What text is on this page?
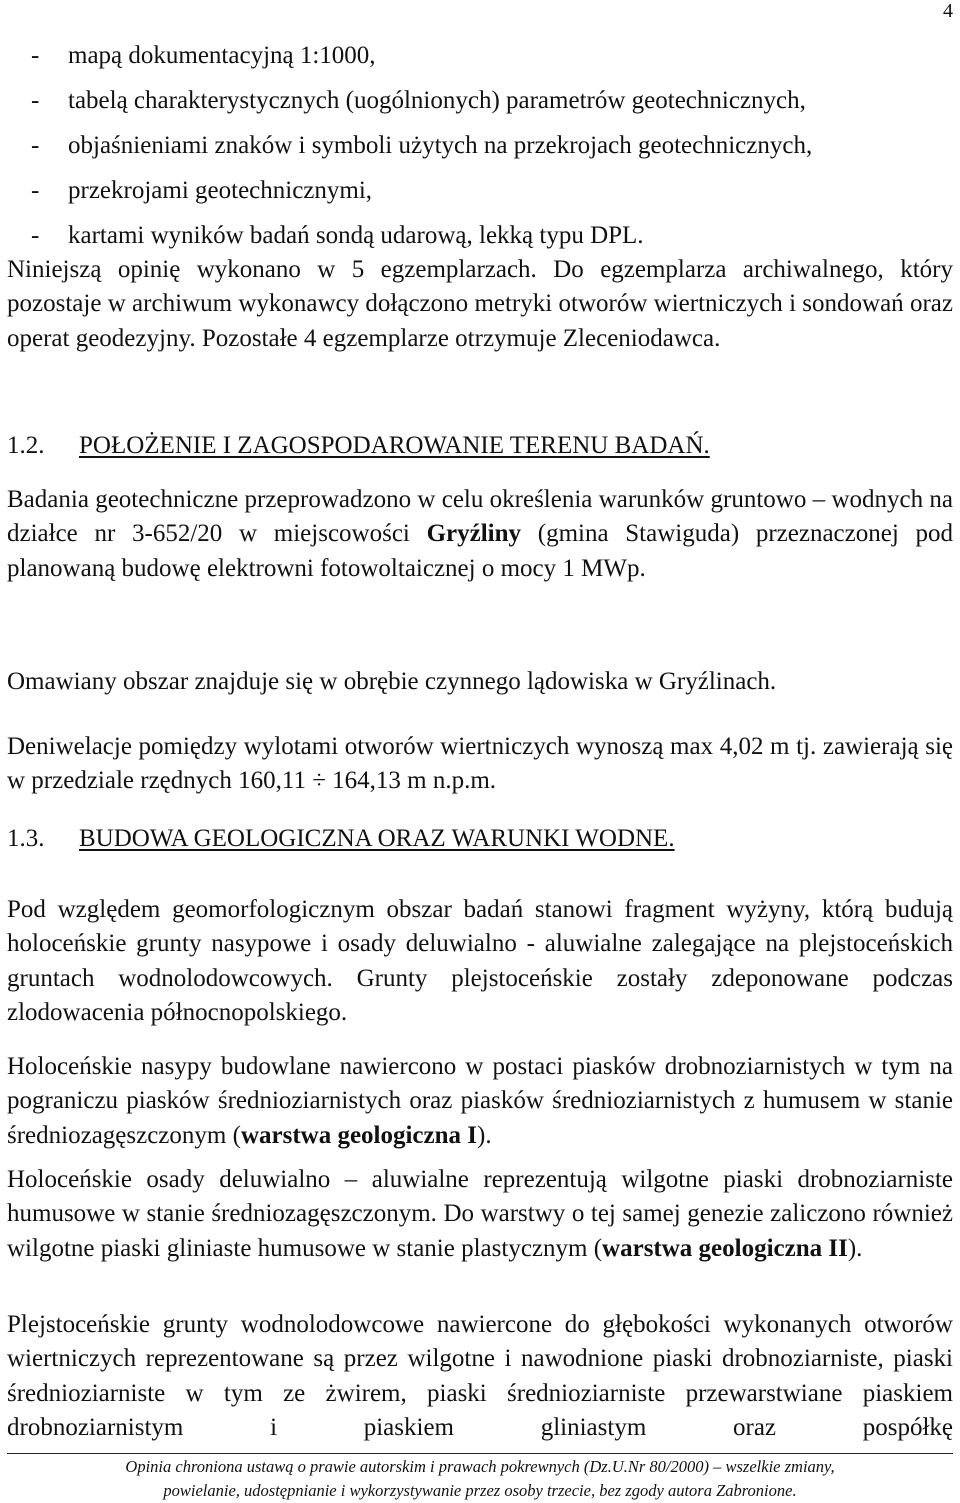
4
- mapą dokumentacyjną 1:1000,
- tabelą charakterystycznych (uogólnionych) parametrów geotechnicznych,
- objaśnieniami znaków i symboli użytych na przekrojach geotechnicznych,
- przekrojami geotechnicznymi,
- kartami wyników badań sondą udarową, lekką typu DPL.

Niniejszą opinię wykonano w 5 egzemplarzach. Do egzemplarza archiwalnego, który pozostaje w archiwum wykonawcy dołączono metryki otworów wiertniczych i sondowań oraz operat geodezyjny. Pozostałe 4 egzemplarze otrzymuje Zleceniodawca.

1.2. POŁOŻENIE I ZAGOSPODAROWANIE TERENU BADAŃ.

Badania geotechniczne przeprowadzono w celu określenia warunków gruntowo – wodnych na działce nr 3-652/20 w miejscowości Gryźliny (gmina Stawiguda) przeznaczonej pod planowaną budowę elektrowni fotowoltaicznej o mocy 1 MWp.

Omawiany obszar znajduje się w obrębie czynnego lądowiska w Gryźlinach.

Deniwelacje pomiędzy wylotami otworów wiertniczych wynoszą max 4,02 m tj. zawierają się w przedziale rzędnych 160,11 ÷ 164,13 m n.p.m.

1.3. BUDOWA GEOLOGICZNA ORAZ WARUNKI WODNE.

Pod względem geomorfologicznym obszar badań stanowi fragment wyżyny, którą budują holoceńskie grunty nasypowe i osady deluwialno - aluwialne zalegające na plejstoceńskich gruntach wodnolodowcowych. Grunty plejstoceńskie zostały zdeponowane podczas zlodowacenia północnopolskiego.

Holoceńskie nasypy budowlane nawiercono w postaci piasków drobnoziarnistych w tym na pograniczu piasków średnioziarnistych oraz piasków średnioziarnistych z humusem w stanie średniozagęszczonym (warstwa geologiczna I).

Holoceńskie osady deluwialno – aluwialne reprezentują wilgotne piaski drobnoziarniste humusowe w stanie średniozagęszczonym. Do warstwy o tej samej genezie zaliczono również wilgotne piaski gliniaste humusowe w stanie plastycznym (warstwa geologiczna II).

Plejstoceńskie grunty wodnolodowcowe nawiercone do głębokości wykonanych otworów wiertniczych reprezentowane są przez wilgotne i nawodnione piaski drobnoziarniste, piaski średnioziarniste w tym ze żwirem, piaski średnioziarniste przewarstwiane piaskiem drobnoziarnistym i piaskiem gliniastym oraz pospółkę

Opinia chroniona ustawą o prawie autorskim i prawach pokrewnych (Dz.U.Nr 80/2000) – wszelkie zmiany,
powielanie, udostępnianie i wykorzystywanie przez osoby trzecie, bez zgody autora Zabronione.
